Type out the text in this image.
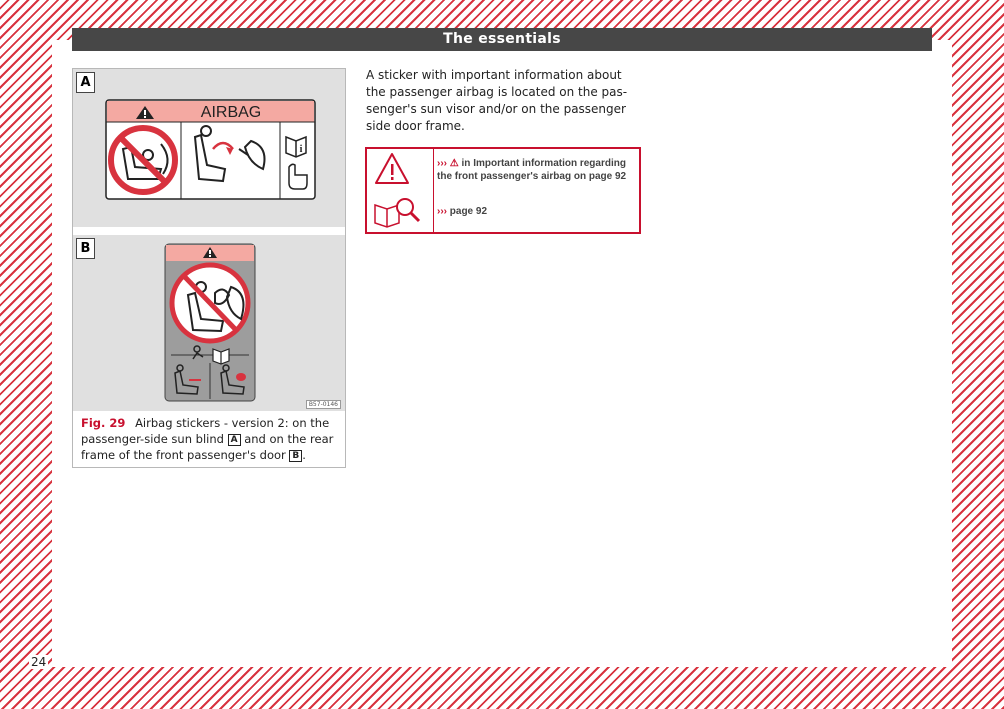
The essentials
A
AIRBAG
i
B
B57-0146
Fig. 29 Airbag stickers - version 2: on the passenger-side sun blind A and on the rear frame of the front passenger's door B .

A sticker with important information about the passenger airbag is located on the pas-senger's sun visor and/or on the passenger side door frame.

››› ⚠ in Important information regarding the front passenger's airbag on page 92
››› page 92
24
